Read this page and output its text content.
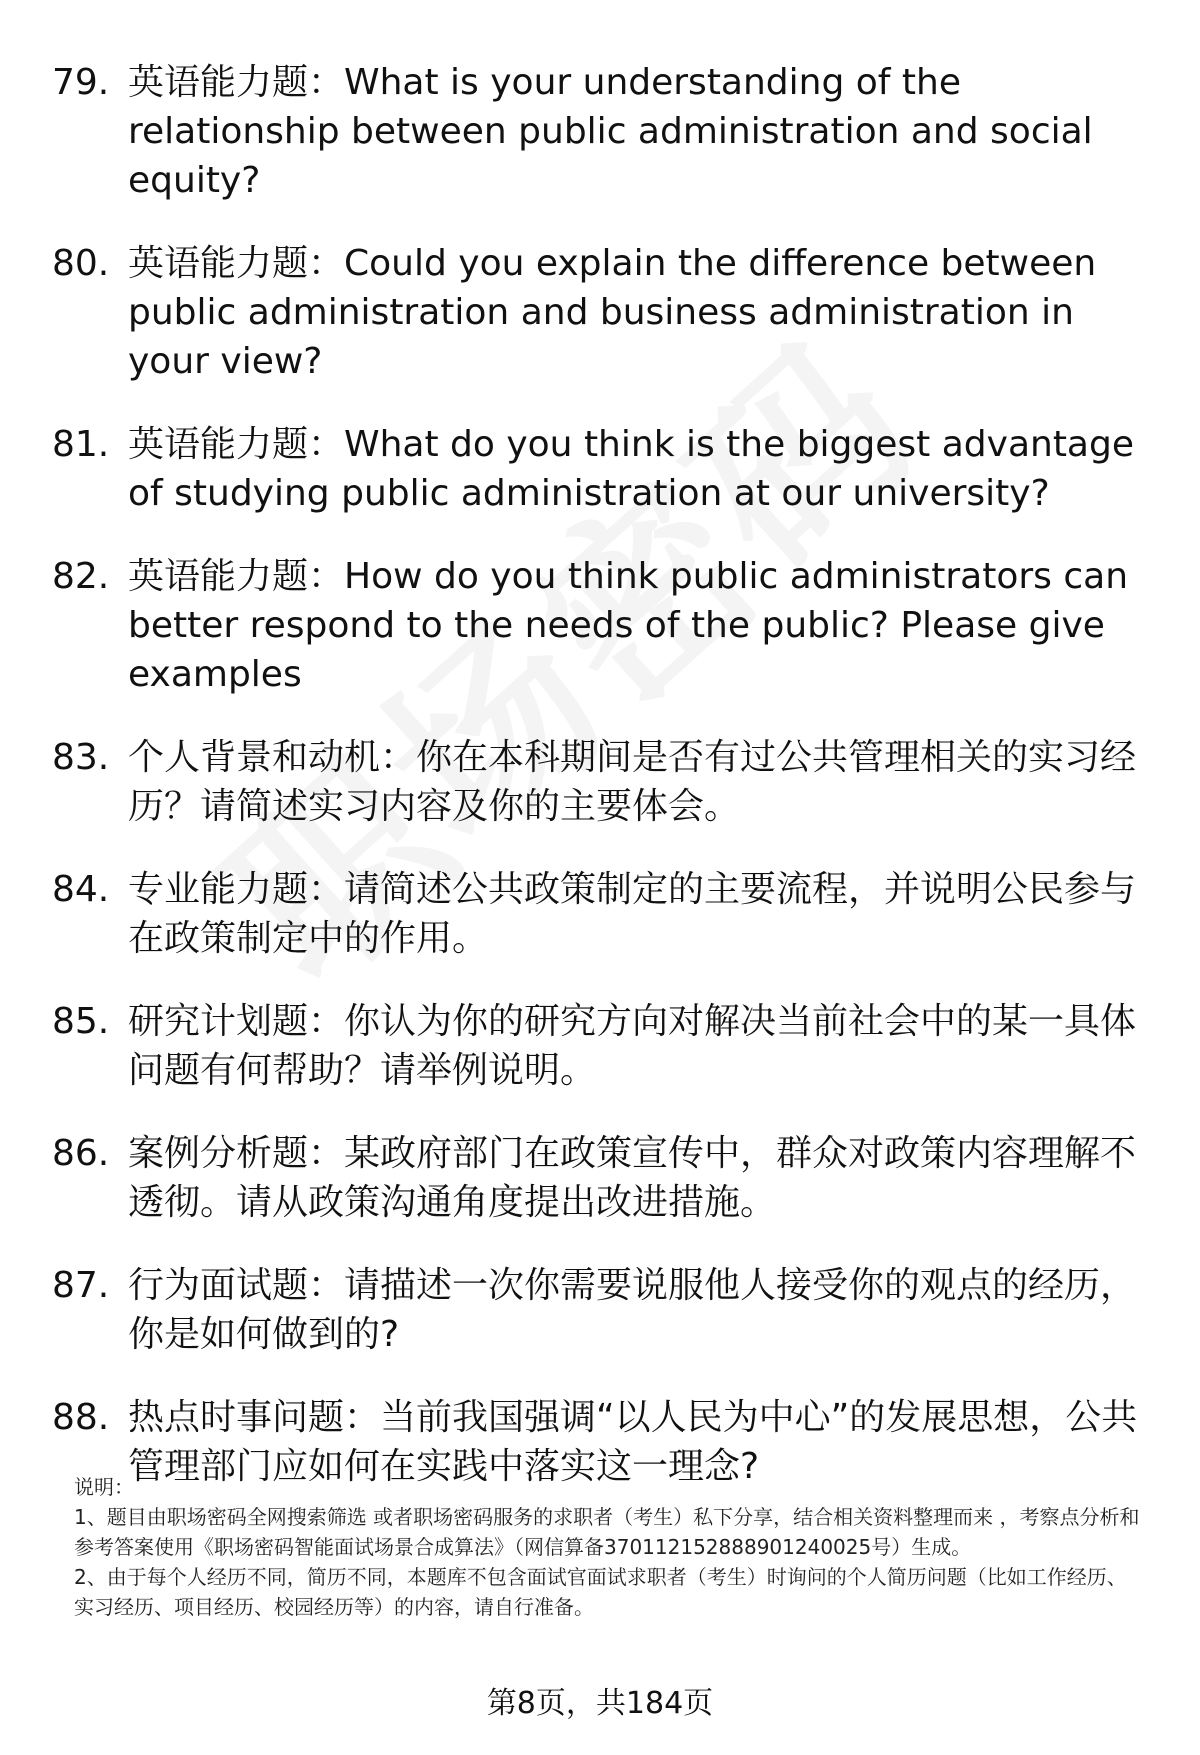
79. 英语能力题：What is your understanding of the relationship between public administration and social equity?
80. 英语能力题：Could you explain the difference between public administration and business administration in your view?
81. 英语能力题：What do you think is the biggest advantage of studying public administration at our university?
82. 英语能力题：How do you think public administrators can better respond to the needs of the public? Please give examples
83. 个人背景和动机：你在本科期间是否有过公共管理相关的实习经历？请简述实习内容及你的主要体会。
84. 专业能力题：请简述公共政策制定的主要流程，并说明公民参与在政策制定中的作用。
85. 研究计划题：你认为你的研究方向对解决当前社会中的某一具体问题有何帮助？请举例说明。
86. 案例分析题：某政府部门在政策宣传中，群众对政策内容理解不透彻。请从政策沟通角度提出改进措施。
87. 行为面试题：请描述一次你需要说服他人接受你的观点的经历，你是如何做到的?
88. 热点时事问题：当前我国强调“以人民为中心”的发展思想，公共管理部门应如何在实践中落实这一理念?

说明：

1、题目由职场密码全网搜索筛选 或者职场密码服务的求职者（考生）私下分享，结合相关资料整理而来 ，考察点分析和参考答案使用《职场密码智能面试场景合成算法》（网信算备370112152888901240025号）生成。

2、由于每个人经历不同，简历不同，本题库不包含面试官面试求职者（考生）时询问的个人简历问题（比如工作经历、实习经历、项目经历、校园经历等）的内容，请自行准备。

第8页，共184页
